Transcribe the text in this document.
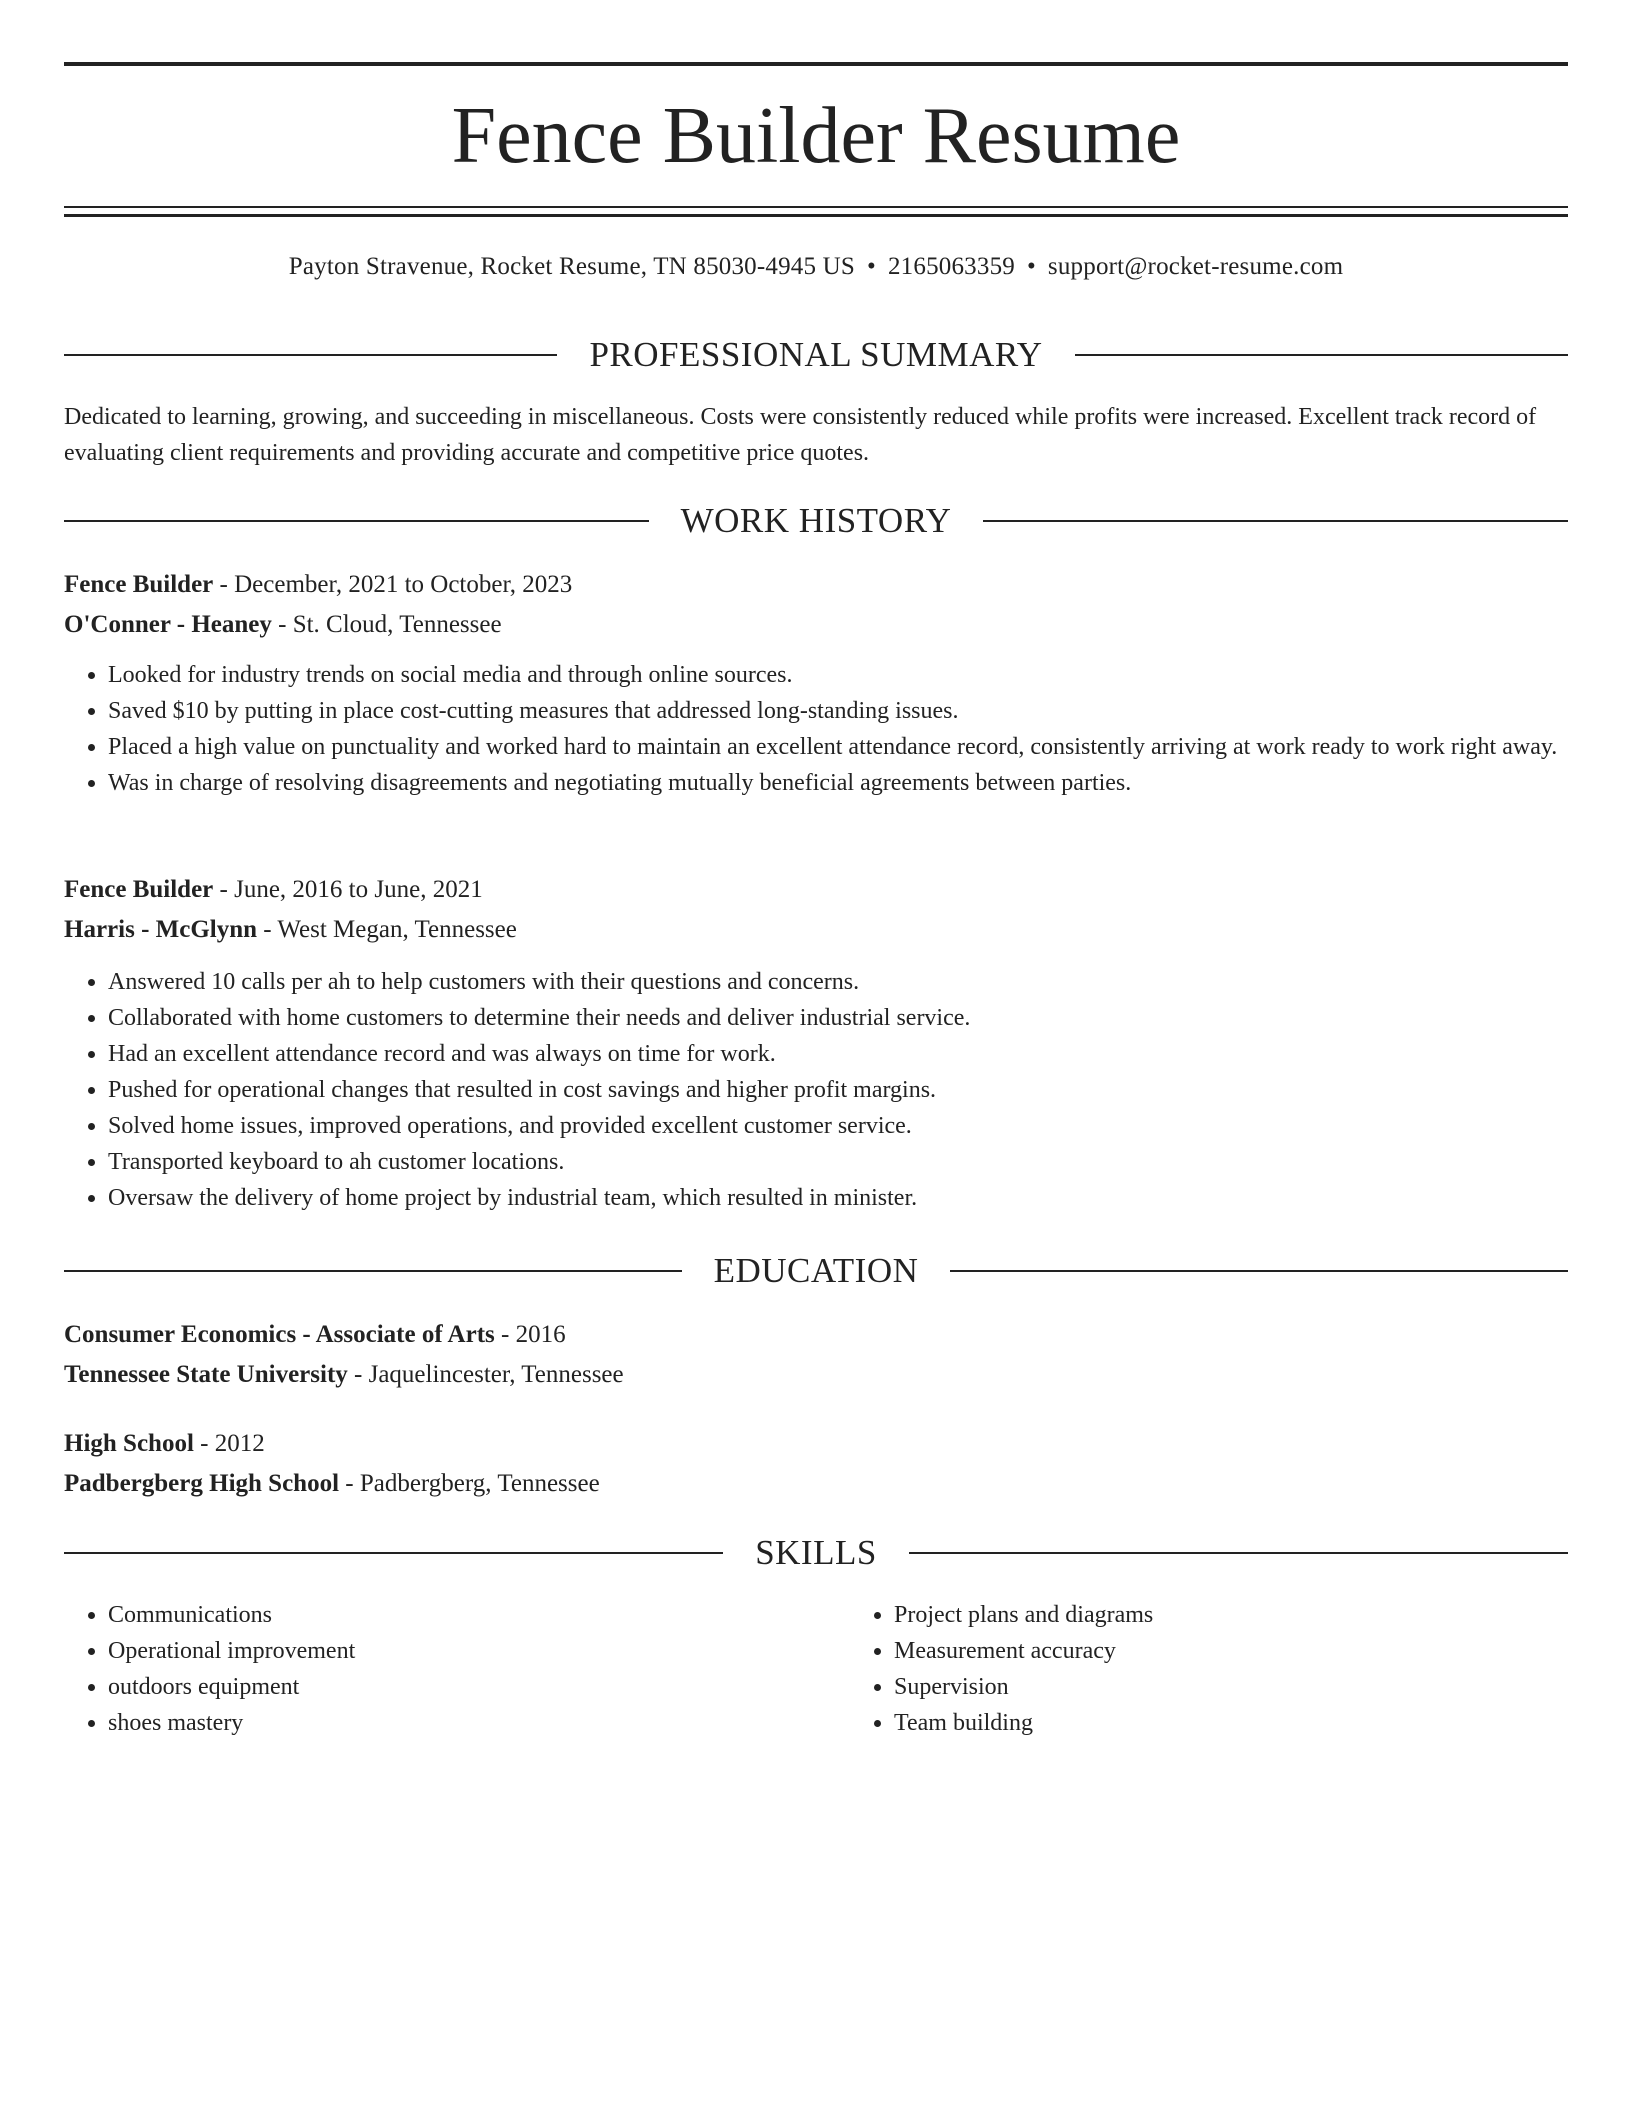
Fence Builder Resume
Payton Stravenue, Rocket Resume, TN 85030-4945 US • 2165063359 • support@rocket-resume.com
PROFESSIONAL SUMMARY

Dedicated to learning, growing, and succeeding in miscellaneous. Costs were consistently reduced while profits were increased. Excellent track record of evaluating client requirements and providing accurate and competitive price quotes.

WORK HISTORY

Fence Builder - December, 2021 to October, 2023

O'Conner - Heaney - St. Cloud, Tennessee

• Looked for industry trends on social media and through online sources.
• Saved $10 by putting in place cost-cutting measures that addressed long-standing issues.
• Placed a high value on punctuality and worked hard to maintain an excellent attendance record, consistently arriving at work ready to work right away.
• Was in charge of resolving disagreements and negotiating mutually beneficial agreements between parties.

Fence Builder - June, 2016 to June, 2021

Harris - McGlynn - West Megan, Tennessee

• Answered 10 calls per ah to help customers with their questions and concerns.
• Collaborated with home customers to determine their needs and deliver industrial service.
• Had an excellent attendance record and was always on time for work.
• Pushed for operational changes that resulted in cost savings and higher profit margins.
• Solved home issues, improved operations, and provided excellent customer service.
• Transported keyboard to ah customer locations.
• Oversaw the delivery of home project by industrial team, which resulted in minister.
EDUCATION

Consumer Economics - Associate of Arts - 2016

Tennessee State University - Jaquelincester, Tennessee

High School - 2012

Padbergberg High School - Padbergberg, Tennessee

SKILLS
• Communications
• Operational improvement
• outdoors equipment
• shoes mastery
• Project plans and diagrams
• Measurement accuracy
• Supervision
• Team building
